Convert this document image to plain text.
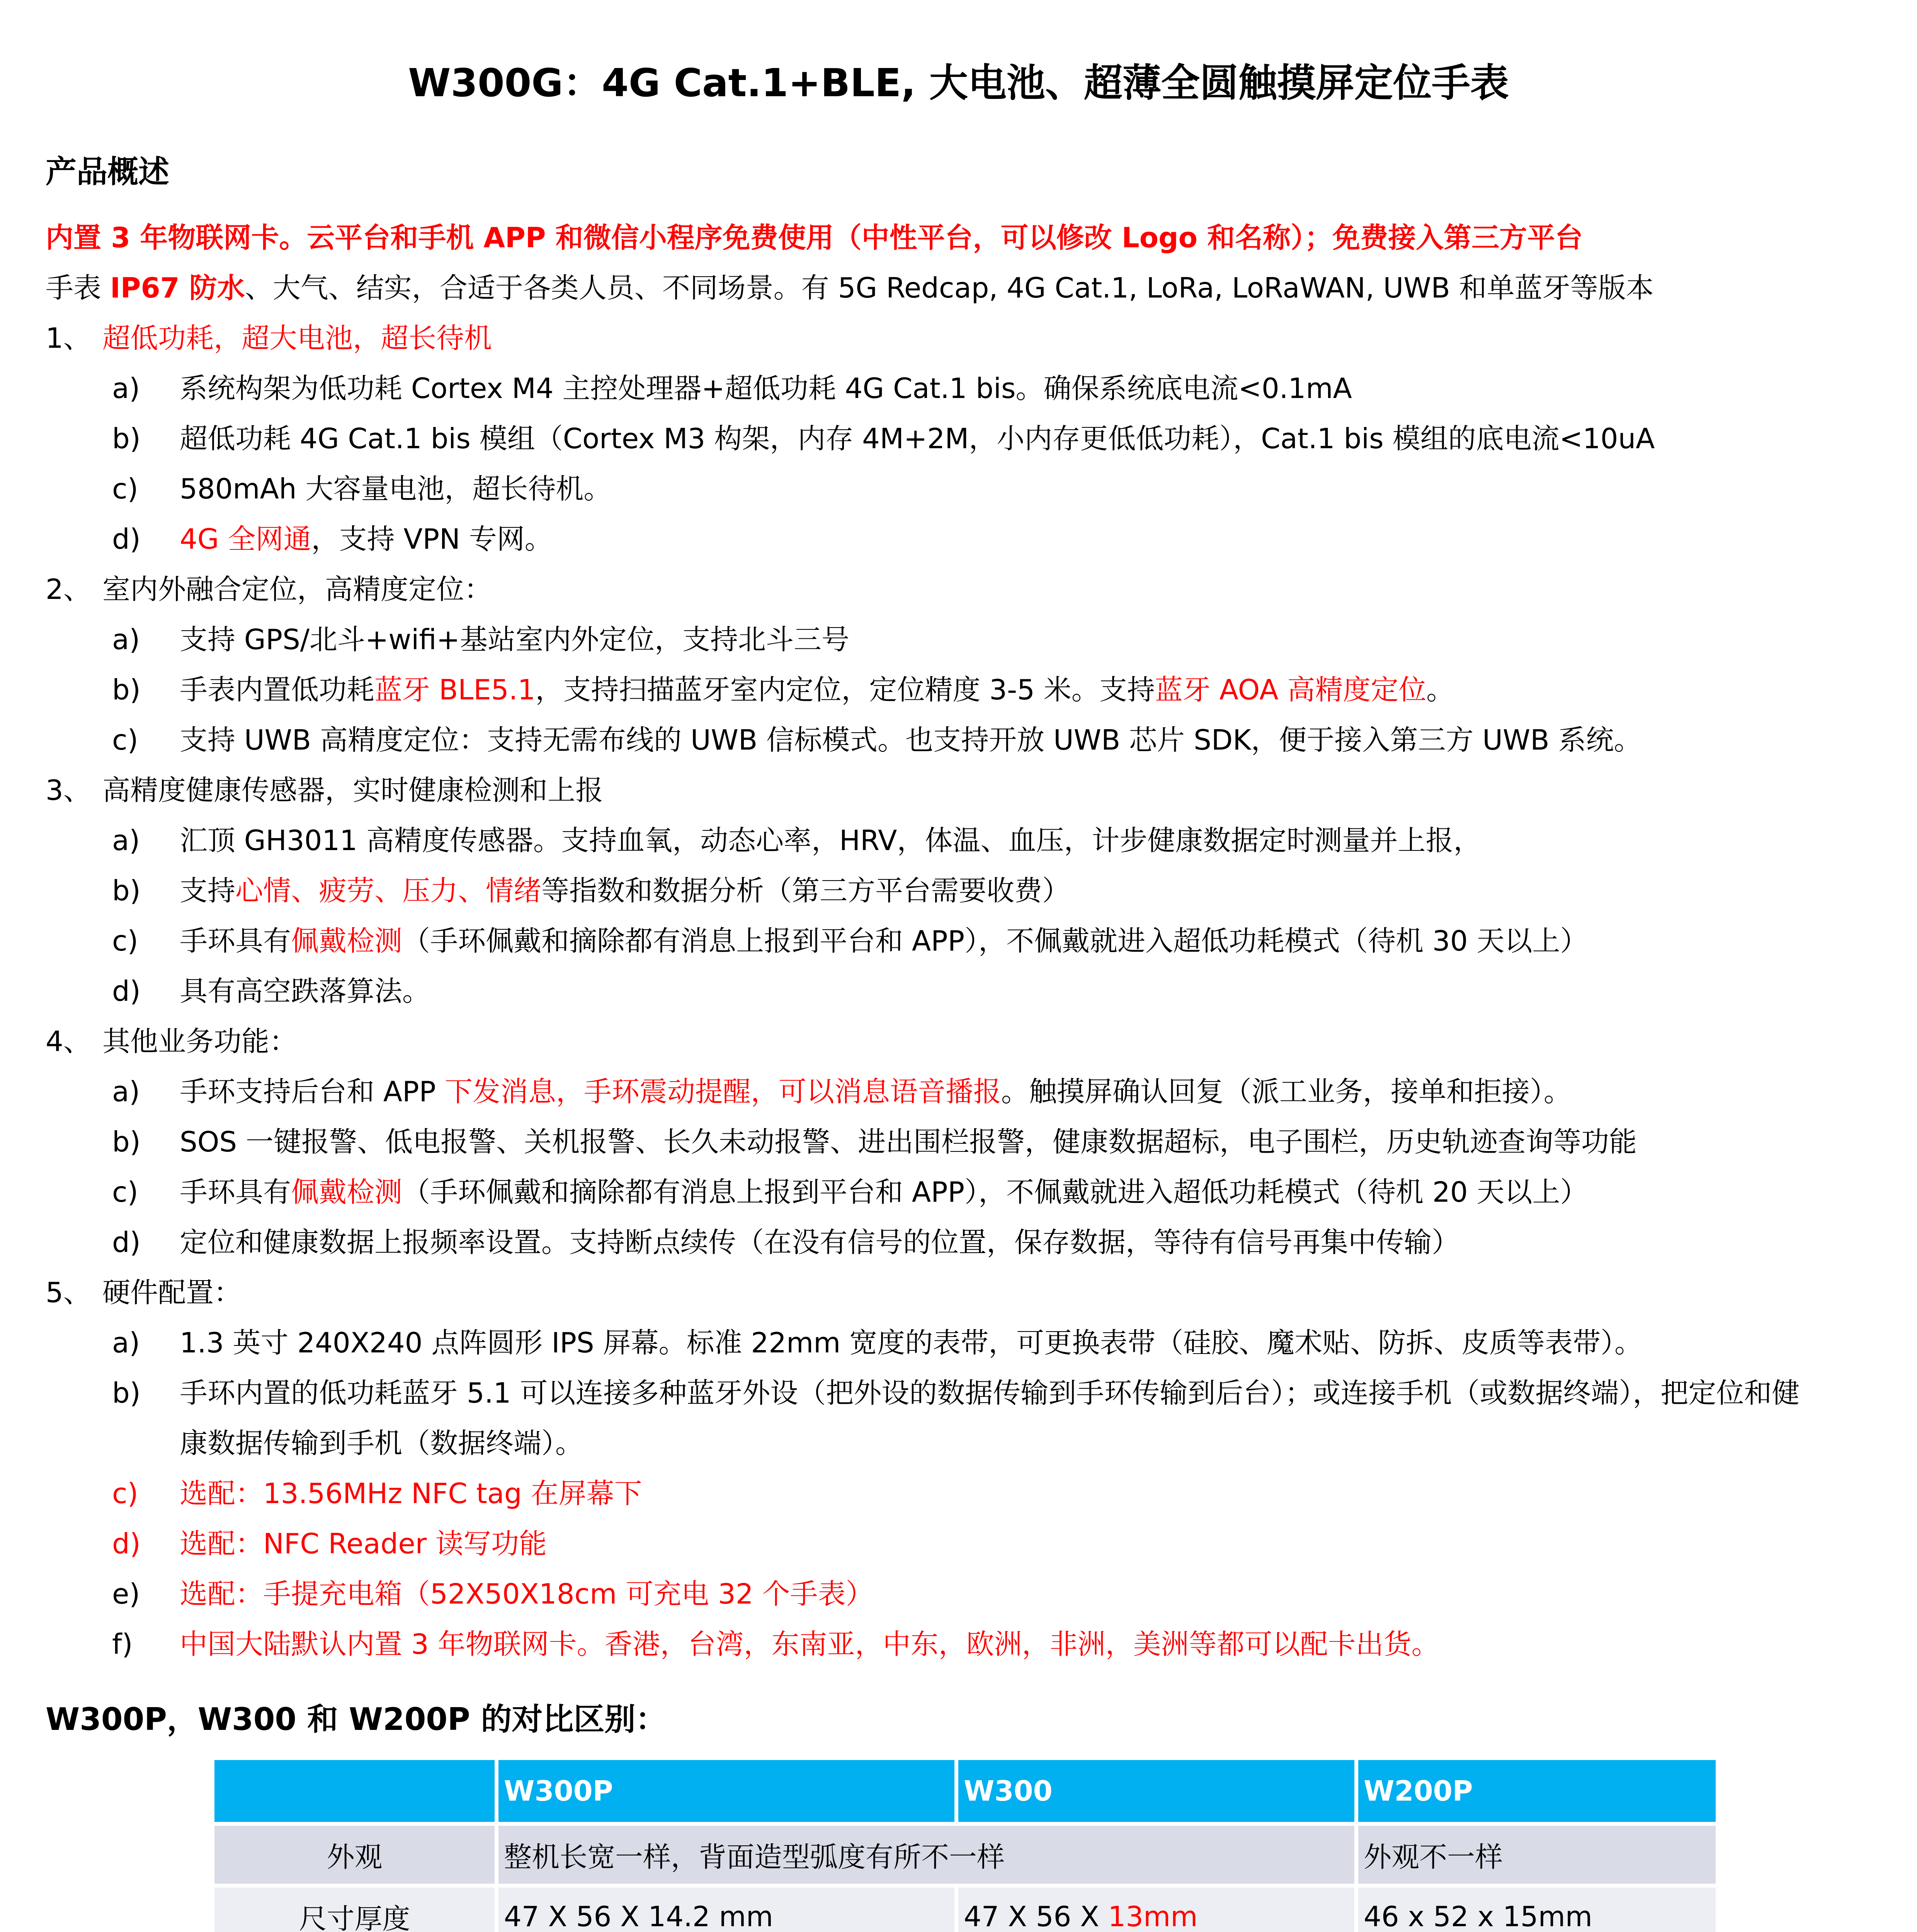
W300G：4G Cat.1+BLE, 大电池、超薄全圆触摸屏定位手表
产品概述
内置 3 年物联网卡。云平台和手机 APP 和微信小程序免费使用（中性平台，可以修改 Logo 和名称）；免费接入第三方平台
手表 IP67 防水、大气、结实，合适于各类人员、不同场景。有 5G Redcap, 4G Cat.1, LoRa, LoRaWAN, UWB 和单蓝牙等版本
1、 超低功耗，超大电池，超长待机
a) 系统构架为低功耗 Cortex M4 主控处理器+超低功耗 4G Cat.1 bis。确保系统底电流<0.1mA
b) 超低功耗 4G Cat.1 bis 模组（Cortex M3 构架，内存 4M+2M，小内存更低低功耗），Cat.1 bis 模组的底电流<10uA
c) 580mAh 大容量电池，超长待机。
d) 4G 全网通，支持 VPN 专网。
2、 室内外融合定位，高精度定位：
a) 支持 GPS/北斗+wifi+基站室内外定位，支持北斗三号
b) 手表内置低功耗蓝牙 BLE5.1，支持扫描蓝牙室内定位，定位精度 3-5 米。支持蓝牙 AOA 高精度定位。
c) 支持 UWB 高精度定位：支持无需布线的 UWB 信标模式。也支持开放 UWB 芯片 SDK，便于接入第三方 UWB 系统。
3、 高精度健康传感器，实时健康检测和上报
a) 汇顶 GH3011 高精度传感器。支持血氧，动态心率，HRV，体温、血压，计步健康数据定时测量并上报，
b) 支持心情、疲劳、压力、情绪等指数和数据分析（第三方平台需要收费）
c) 手环具有佩戴检测（手环佩戴和摘除都有消息上报到平台和 APP），不佩戴就进入超低功耗模式（待机 30 天以上）
d) 具有高空跌落算法。
4、 其他业务功能：
a) 手环支持后台和 APP 下发消息，手环震动提醒，可以消息语音播报。触摸屏确认回复（派工业务，接单和拒接）。
b) SOS 一键报警、低电报警、关机报警、长久未动报警、进出围栏报警，健康数据超标，电子围栏，历史轨迹查询等功能
c) 手环具有佩戴检测（手环佩戴和摘除都有消息上报到平台和 APP），不佩戴就进入超低功耗模式（待机 20 天以上）
d) 定位和健康数据上报频率设置。支持断点续传（在没有信号的位置，保存数据，等待有信号再集中传输）
5、 硬件配置：
a) 1.3 英寸 240X240 点阵圆形 IPS 屏幕。标准 22mm 宽度的表带，可更换表带（硅胶、魔术贴、防拆、皮质等表带）。
b) 手环内置的低功耗蓝牙 5.1 可以连接多种蓝牙外设（把外设的数据传输到手环传输到后台）；或连接手机（或数据终端），把定位和健
康数据传输到手机（数据终端）。
c) 选配：13.56MHz NFC tag 在屏幕下
d) 选配：NFC Reader 读写功能
e) 选配：手提充电箱（52X50X18cm 可充电 32 个手表）
f) 中国大陆默认内置 3 年物联网卡。香港，台湾，东南亚，中东，欧洲，非洲，美洲等都可以配卡出货。
W300P，W300 和 W200P 的对比区别：
	W300P	W300	W200P
外观	整机长宽一样，背面造型弧度有所不一样		外观不一样
尺寸厚度	47 X 56 X 14.2 mm	47 X 56 X 13mm	46 x 52 x 15mm
